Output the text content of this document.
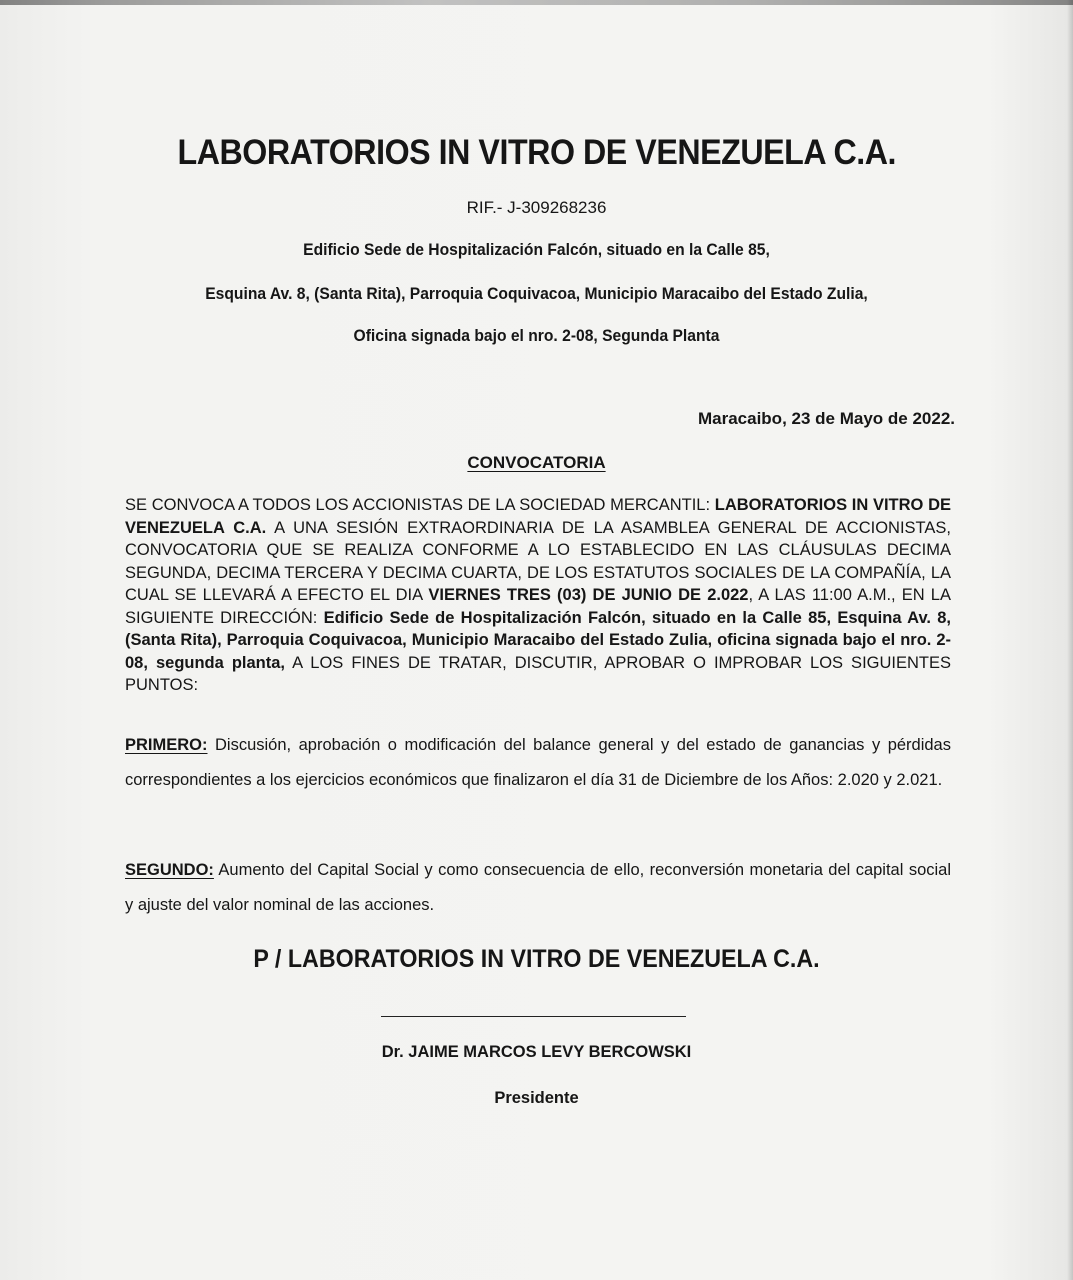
LABORATORIOS IN VITRO DE VENEZUELA C.A.
RIF.- J-309268236
Edificio Sede de Hospitalización Falcón, situado en la Calle 85,
Esquina Av. 8, (Santa Rita), Parroquia Coquivacoa, Municipio Maracaibo del Estado Zulia,
Oficina signada bajo el nro. 2-08, Segunda Planta
Maracaibo, 23 de Mayo de 2022.
CONVOCATORIA
SE CONVOCA A TODOS LOS ACCIONISTAS DE LA SOCIEDAD MERCANTIL: LABORATORIOS IN VITRO DE VENEZUELA C.A. A UNA SESIÓN EXTRAORDINARIA DE LA ASAMBLEA GENERAL DE ACCIONISTAS, CONVOCATORIA QUE SE REALIZA CONFORME A LO ESTABLECIDO EN LAS CLÁUSULAS DECIMA SEGUNDA, DECIMA TERCERA Y DECIMA CUARTA, DE LOS ESTATUTOS SOCIALES DE LA COMPAÑÍA, LA CUAL SE LLEVARÁ A EFECTO EL DIA VIERNES TRES (03) DE JUNIO DE 2.022, A LAS 11:00 A.M., EN LA SIGUIENTE DIRECCIÓN: Edificio Sede de Hospitalización Falcón, situado en la Calle 85, Esquina Av. 8, (Santa Rita), Parroquia Coquivacoa, Municipio Maracaibo del Estado Zulia, oficina signada bajo el nro. 2-08, segunda planta, A LOS FINES DE TRATAR, DISCUTIR, APROBAR O IMPROBAR LOS SIGUIENTES PUNTOS:
PRIMERO: Discusión, aprobación o modificación del balance general y del estado de ganancias y pérdidas correspondientes a los ejercicios económicos que finalizaron el día 31 de Diciembre de los Años: 2.020 y 2.021.
SEGUNDO: Aumento del Capital Social y como consecuencia de ello, reconversión monetaria del capital social y ajuste del valor nominal de las acciones.
P / LABORATORIOS IN VITRO DE VENEZUELA C.A.
Dr. JAIME MARCOS LEVY BERCOWSKI
Presidente
